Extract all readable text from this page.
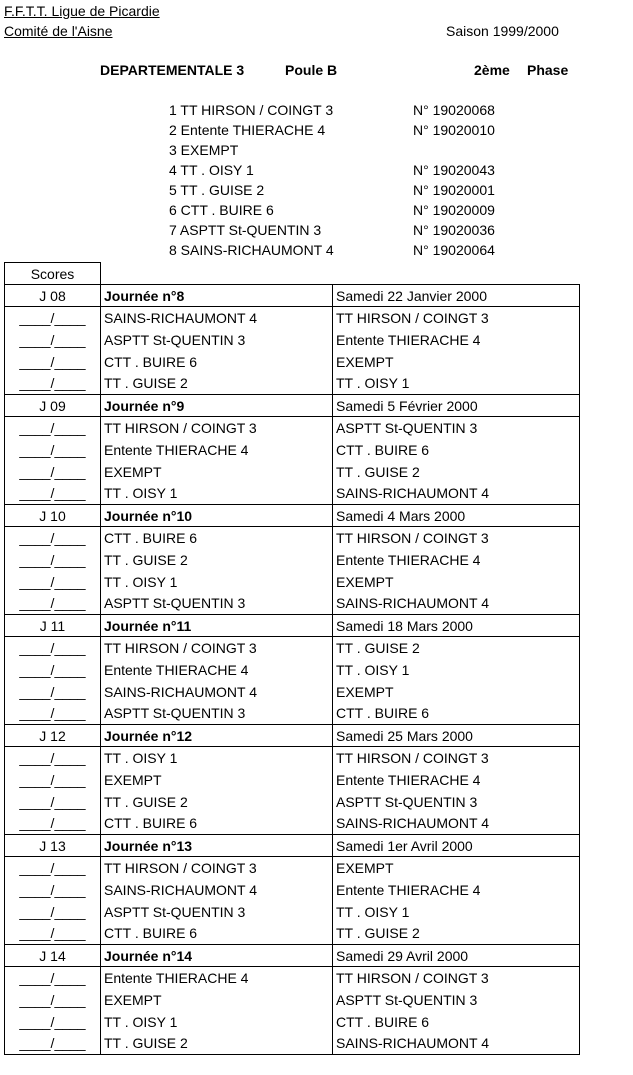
F.F.T.T. Ligue de Picardie
Comité de l'Aisne	Saison 1999/2000
DEPARTEMENTALE 3	Poule B	2ème Phase
1 TT HIRSON / COINGT 3	N° 19020068
2 Entente THIERACHE 4	N° 19020010
3 EXEMPT
4 TT . OISY 1	N° 19020043
5 TT . GUISE 2	N° 19020001
6 CTT . BUIRE 6	N° 19020009
7 ASPTT St-QUENTIN 3	N° 19020036
8 SAINS-RICHAUMONT 4	N° 19020064
Scores		
J 08	Journée n°8	Samedi 22 Janvier 2000
____/____	SAINS-RICHAUMONT 4	TT HIRSON / COINGT 3
____/____	ASPTT St-QUENTIN 3	Entente THIERACHE 4
____/____	CTT . BUIRE 6	EXEMPT
____/____	TT . GUISE 2	TT . OISY 1
J 09	Journée n°9	Samedi 5 Février 2000
____/____	TT HIRSON / COINGT 3	ASPTT St-QUENTIN 3
____/____	Entente THIERACHE 4	CTT . BUIRE 6
____/____	EXEMPT	TT . GUISE 2
____/____	TT . OISY 1	SAINS-RICHAUMONT 4
J 10	Journée n°10	Samedi 4 Mars 2000
____/____	CTT . BUIRE 6	TT HIRSON / COINGT 3
____/____	TT . GUISE 2	Entente THIERACHE 4
____/____	TT . OISY 1	EXEMPT
____/____	ASPTT St-QUENTIN 3	SAINS-RICHAUMONT 4
J 11	Journée n°11	Samedi 18 Mars 2000
____/____	TT HIRSON / COINGT 3	TT . GUISE 2
____/____	Entente THIERACHE 4	TT . OISY 1
____/____	SAINS-RICHAUMONT 4	EXEMPT
____/____	ASPTT St-QUENTIN 3	CTT . BUIRE 6
J 12	Journée n°12	Samedi 25 Mars 2000
____/____	TT . OISY 1	TT HIRSON / COINGT 3
____/____	EXEMPT	Entente THIERACHE 4
____/____	TT . GUISE 2	ASPTT St-QUENTIN 3
____/____	CTT . BUIRE 6	SAINS-RICHAUMONT 4
J 13	Journée n°13	Samedi 1er Avril 2000
____/____	TT HIRSON / COINGT 3	EXEMPT
____/____	SAINS-RICHAUMONT 4	Entente THIERACHE 4
____/____	ASPTT St-QUENTIN 3	TT . OISY 1
____/____	CTT . BUIRE 6	TT . GUISE 2
J 14	Journée n°14	Samedi 29 Avril 2000
____/____	Entente THIERACHE 4	TT HIRSON / COINGT 3
____/____	EXEMPT	ASPTT St-QUENTIN 3
____/____	TT . OISY 1	CTT . BUIRE 6
____/____	TT . GUISE 2	SAINS-RICHAUMONT 4
